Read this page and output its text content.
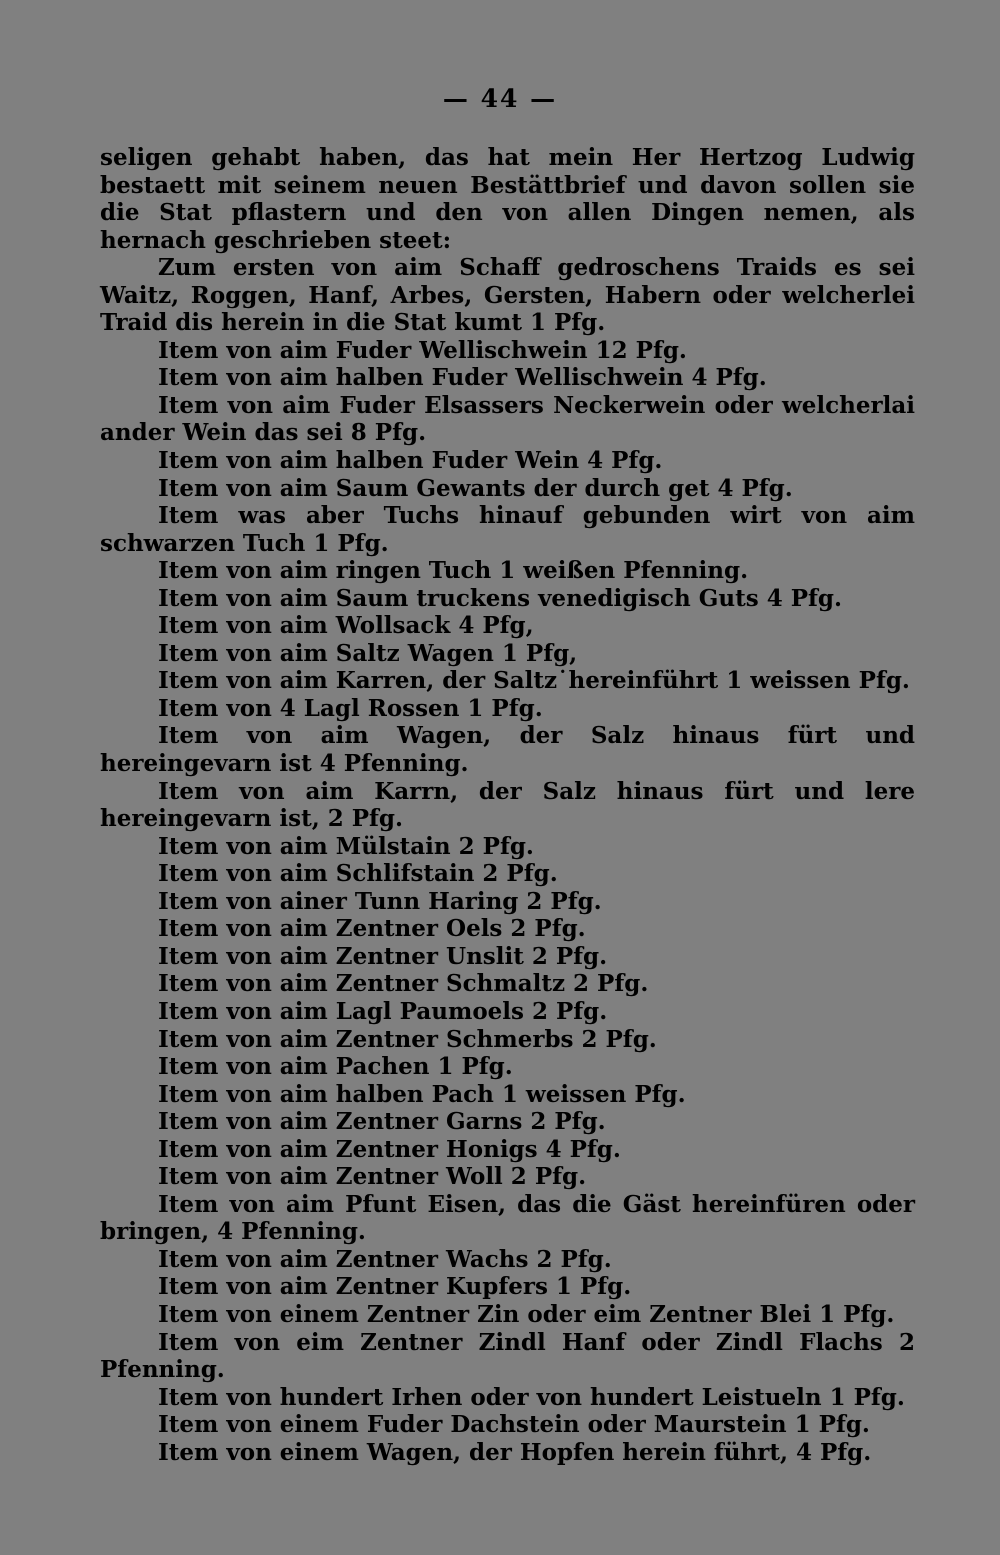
— 44 —

seligen gehabt haben, das hat mein Her Hertzog Ludwig bestaett mit seinem neuen Bestättbrief und davon sollen sie die Stat pflastern und den von allen Dingen nemen, als hernach geschrieben steet:

Zum ersten von aim Schaff gedroschens Traids es sei Waitz, Roggen, Hanf, Arbes, Gersten, Habern oder welcherlei Traid dis herein in die Stat kumt 1 Pfg.

Item von aim Fuder Wellischwein 12 Pfg.

Item von aim halben Fuder Wellischwein 4 Pfg.

Item von aim Fuder Elsassers Neckerwein oder welcherlai ander Wein das sei 8 Pfg.

Item von aim halben Fuder Wein 4 Pfg.

Item von aim Saum Gewants der durch get 4 Pfg.

Item was aber Tuchs hinauf gebunden wirt von aim schwarzen Tuch 1 Pfg.

Item von aim ringen Tuch 1 weißen Pfenning.

Item von aim Saum truckens venedigisch Guts 4 Pfg.

Item von aim Wollsack 4 Pfg,

Item von aim Saltz Wagen 1 Pfg,

Item von aim Karren, der Saltz˙hereinführt 1 weissen Pfg.

Item von 4 Lagl Rossen 1 Pfg.

Item von aim Wagen, der Salz hinaus fürt und hereingevarn ist 4 Pfenning.

Item von aim Karrn, der Salz hinaus fürt und lere hereingevarn ist, 2 Pfg.

Item von aim Mülstain 2 Pfg.

Item von aim Schlifstain 2 Pfg.

Item von ainer Tunn Haring 2 Pfg.

Item von aim Zentner Oels 2 Pfg.

Item von aim Zentner Unslit 2 Pfg.

Item von aim Zentner Schmaltz 2 Pfg.

Item von aim Lagl Paumoels 2 Pfg.

Item von aim Zentner Schmerbs 2 Pfg.

Item von aim Pachen 1 Pfg.

Item von aim halben Pach 1 weissen Pfg.

Item von aim Zentner Garns 2 Pfg.

Item von aim Zentner Honigs 4 Pfg.

Item von aim Zentner Woll 2 Pfg.

Item von aim Pfunt Eisen, das die Gäst hereinfüren oder bringen, 4 Pfenning.

Item von aim Zentner Wachs 2 Pfg.

Item von aim Zentner Kupfers 1 Pfg.

Item von einem Zentner Zin oder eim Zentner Blei 1 Pfg.

Item von eim Zentner Zindl Hanf oder Zindl Flachs 2 Pfenning.

Item von hundert Irhen oder von hundert Leistueln 1 Pfg.

Item von einem Fuder Dachstein oder Maurstein 1 Pfg.

Item von einem Wagen, der Hopfen herein führt, 4 Pfg.
